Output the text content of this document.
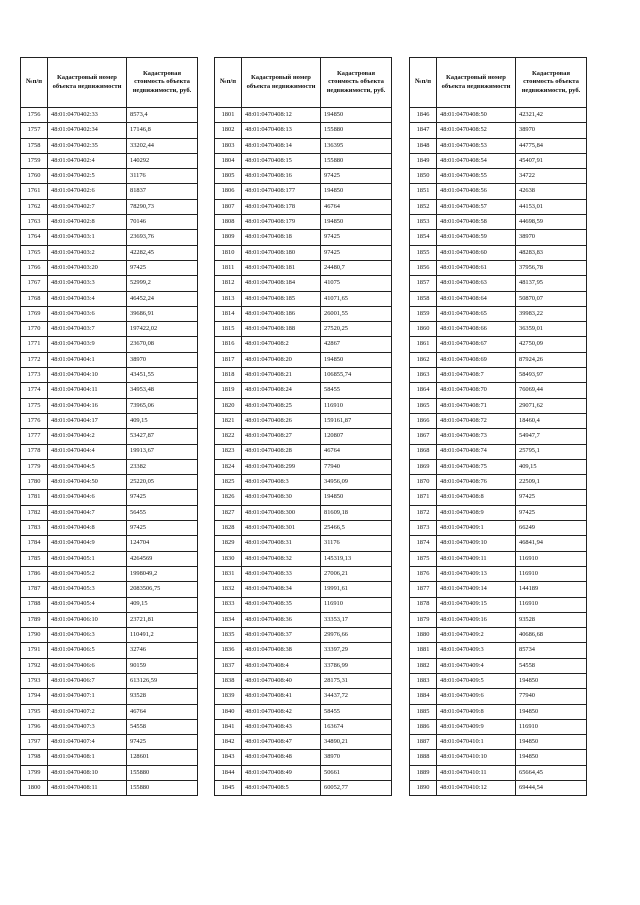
№п/п	Кадастровый номер объекта недвижимости	Кадастровая стоимость объекта недвижимости, руб.
1756	48:01:0470402:33	8573,4
1757	48:01:0470402:34	17146,8
1758	48:01:0470402:35	33202,44
1759	48:01:0470402:4	140292
1760	48:01:0470402:5	31176
1761	48:01:0470402:6	81837
1762	48:01:0470402:7	78290,73
1763	48:01:0470402:8	70146
1764	48:01:0470403:1	23693,76
1765	48:01:0470403:2	42282,45
1766	48:01:0470403:20	97425
1767	48:01:0470403:3	52999,2
1768	48:01:0470403:4	46452,24
1769	48:01:0470403:6	39686,91
1770	48:01:0470403:7	197422,02
1771	48:01:0470403:9	23670,08
1772	48:01:0470404:1	38970
1773	48:01:0470404:10	43451,55
1774	48:01:0470404:11	34953,48
1775	48:01:0470404:16	73965,06
1776	48:01:0470404:17	409,15
1777	48:01:0470404:2	53427,87
1778	48:01:0470404:4	19913,67
1779	48:01:0470404:5	23382
1780	48:01:0470404:50	25220,05
1781	48:01:0470404:6	97425
1782	48:01:0470404:7	56455
1783	48:01:0470404:8	97425
1784	48:01:0470404:9	124704
1785	48:01:0470405:1	4264569
1786	48:01:0470405:2	1998049,2
1787	48:01:0470405:3	2083506,75
1788	48:01:0470405:4	409,15
1789	48:01:0470406:10	23721,81
1790	48:01:0470406:3	110491,2
1791	48:01:0470406:5	32746
1792	48:01:0470406:6	90159
1793	48:01:0470406:7	613126,59
1794	48:01:0470407:1	93528
1795	48:01:0470407:2	46764
1796	48:01:0470407:3	54558
1797	48:01:0470407:4	97425
1798	48:01:0470408:1	128601
1799	48:01:0470408:10	155880
1800	48:01:0470408:11	155880
№п/п	Кадастровый номер объекта недвижимости	Кадастровая стоимость объекта недвижимости, руб.
1801	48:01:0470408:12	194850
1802	48:01:0470408:13	155880
1803	48:01:0470408:14	136395
1804	48:01:0470408:15	155880
1805	48:01:0470408:16	97425
1806	48:01:0470408:177	194850
1807	48:01:0470408:178	46764
1808	48:01:0470408:179	194850
1809	48:01:0470408:18	97425
1810	48:01:0470408:180	97425
1811	48:01:0470408:181	24480,7
1812	48:01:0470408:184	41075
1813	48:01:0470408:185	41071,65
1814	48:01:0470408:186	26001,55
1815	48:01:0470408:188	27520,25
1816	48:01:0470408:2	42867
1817	48:01:0470408:20	194850
1818	48:01:0470408:21	106855,74
1819	48:01:0470408:24	58455
1820	48:01:0470408:25	116910
1821	48:01:0470408:26	159161,87
1822	48:01:0470408:27	120807
1823	48:01:0470408:28	46764
1824	48:01:0470408:299	77940
1825	48:01:0470408:3	34956,09
1826	48:01:0470408:30	194850
1827	48:01:0470408:300	81609,18
1828	48:01:0470408:301	25466,5
1829	48:01:0470408:31	31176
1830	48:01:0470408:32	145319,13
1831	48:01:0470408:33	27006,21
1832	48:01:0470408:34	19991,61
1833	48:01:0470408:35	116910
1834	48:01:0470408:36	33353,17
1835	48:01:0470408:37	29976,66
1836	48:01:0470408:38	33397,29
1837	48:01:0470408:4	33786,99
1838	48:01:0470408:40	28175,31
1839	48:01:0470408:41	34437,72
1840	48:01:0470408:42	58455
1841	48:01:0470408:43	163674
1842	48:01:0470408:47	34890,21
1843	48:01:0470408:48	38970
1844	48:01:0470408:49	50661
1845	48:01:0470408:5	60052,77
№п/п	Кадастровый номер объекта недвижимости	Кадастровая стоимость объекта недвижимости, руб.
1846	48:01:0470408:50	42321,42
1847	48:01:0470408:52	38970
1848	48:01:0470408:53	44775,84
1849	48:01:0470408:54	45407,91
1850	48:01:0470408:55	34722
1851	48:01:0470408:56	42638
1852	48:01:0470408:57	44153,01
1853	48:01:0470408:58	44698,59
1854	48:01:0470408:59	38970
1855	48:01:0470408:60	48283,83
1856	48:01:0470408:61	37956,78
1857	48:01:0470408:63	48137,95
1858	48:01:0470408:64	50870,07
1859	48:01:0470408:65	39983,22
1860	48:01:0470408:66	36359,01
1861	48:01:0470408:67	42750,09
1862	48:01:0470408:69	87924,26
1863	48:01:0470408:7	58493,97
1864	48:01:0470408:70	76069,44
1865	48:01:0470408:71	29071,62
1866	48:01:0470408:72	18460,4
1867	48:01:0470408:73	54947,7
1868	48:01:0470408:74	25795,1
1869	48:01:0470408:75	409,15
1870	48:01:0470408:76	22509,1
1871	48:01:0470408:8	97425
1872	48:01:0470408:9	97425
1873	48:01:0470409:1	66249
1874	48:01:0470409:10	46841,94
1875	48:01:0470409:11	116910
1876	48:01:0470409:13	116910
1877	48:01:0470409:14	144189
1878	48:01:0470409:15	116910
1879	48:01:0470409:16	93528
1880	48:01:0470409:2	40686,68
1881	48:01:0470409:3	85734
1882	48:01:0470409:4	54558
1883	48:01:0470409:5	194850
1884	48:01:0470409:6	77940
1885	48:01:0470409:8	194850
1886	48:01:0470409:9	116910
1887	48:01:0470410:1	194850
1888	48:01:0470410:10	194850
1889	48:01:0470410:11	65664,45
1890	48:01:0470410:12	69444,54
